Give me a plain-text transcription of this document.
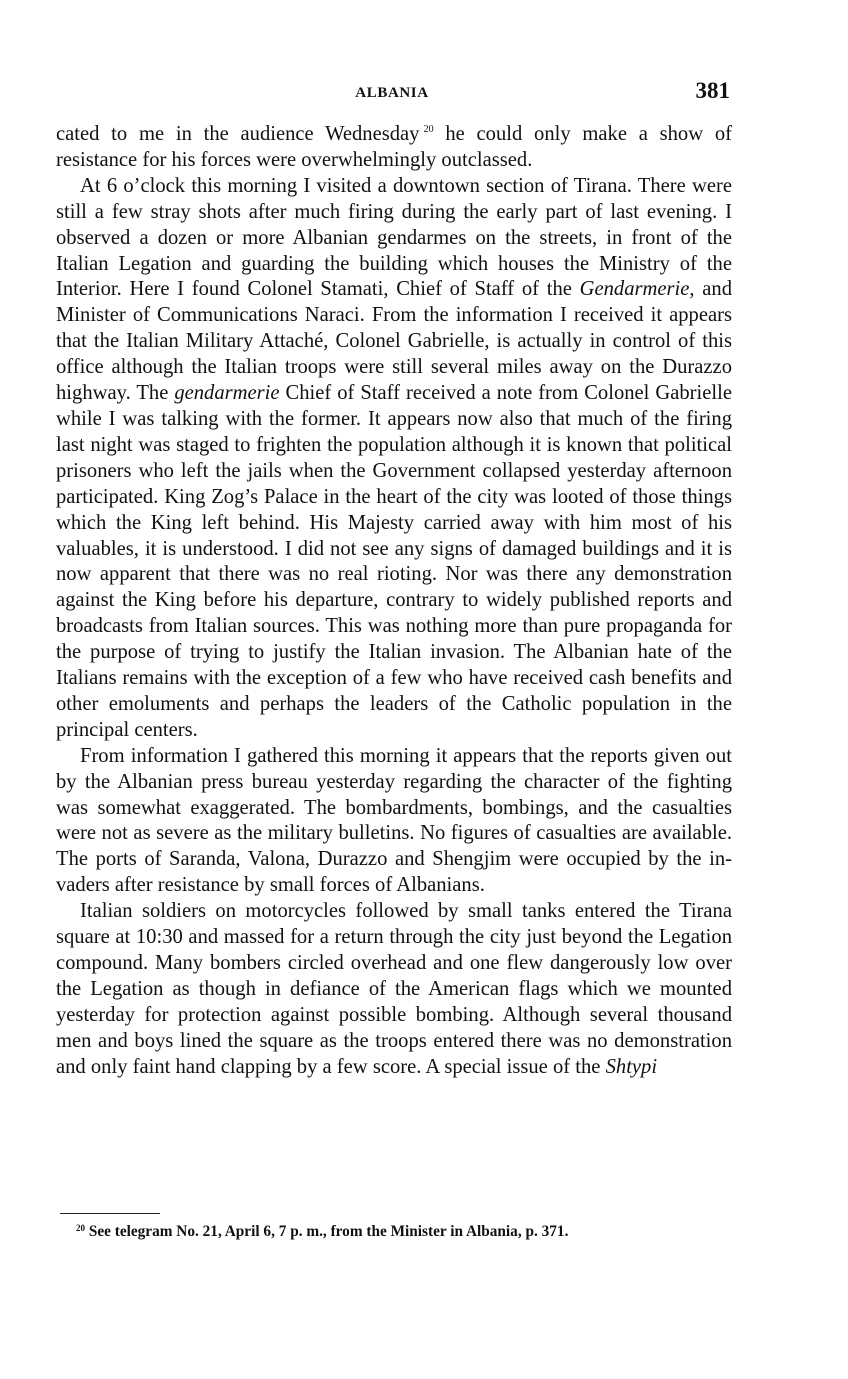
ALBANIA	381

cated to me in the audience Wednesday  $^{20}$ he could only make a show of resistance for his forces were overwhelmingly outclassed.

At 6 o’clock this morning I visited a downtown section of Tirana. There were still a few stray shots after much firing during the early part of last evening. I observed a dozen or more Albanian gendarmes on the streets, in front of the Italian Legation and guarding the building which houses the Ministry of the Interior. Here I found Colonel Stamati, Chief of Staff of the Gendarmerie, and Minister of Communications Naraci. From the information I received it appears that the Italian Military Attaché, Colonel Gabrielle, is actually in control of this office although the Italian troops were still several miles away on the Durazzo highway. The gendarmerie Chief of Staff received a note from Colonel Gabrielle while I was talking with the former. It appears now also that much of the firing last night was staged to frighten the population although it is known that political prisoners who left the jails when the Government collapsed yesterday afternoon participated. King Zog’s Palace in the heart of the city was looted of those things which the King left behind. His Majesty carried away with him most of his valuables, it is understood. I did not see any signs of damaged buildings and it is now apparent that there was no real rioting. Nor was there any demonstration against the King before his departure, contrary to widely published reports and broadcasts from Italian sources. This was nothing more than pure propaganda for the purpose of trying to justify the Italian invasion. The Albanian hate of the Italians remains with the exception of a few who have received cash benefits and other emoluments and perhaps the leaders of the Catholic population in the principal centers.

From information I gathered this morning it appears that the reports given out by the Albanian press bureau yesterday regarding the character of the fighting was somewhat exaggerated. The bombardments, bombings, and the casualties were not as severe as the military bulletins. No figures of casualties are available. The ports of Saranda, Valona, Durazzo and Shengjim were occupied by the invaders after resistance by small forces of Albanians.

Italian soldiers on motorcycles followed by small tanks entered the Tirana square at 10:30 and massed for a return through the city just beyond the Legation compound. Many bombers circled overhead and one flew dangerously low over the Legation as though in defiance of the American flags which we mounted yesterday for protection against possible bombing. Although several thousand men and boys lined the square as the troops entered there was no demonstration and only faint hand clapping by a few score. A special issue of the Shtypi

$^{20}$ See telegram No. 21, April 6, 7 p. m., from the Minister in Albania, p. 371.
